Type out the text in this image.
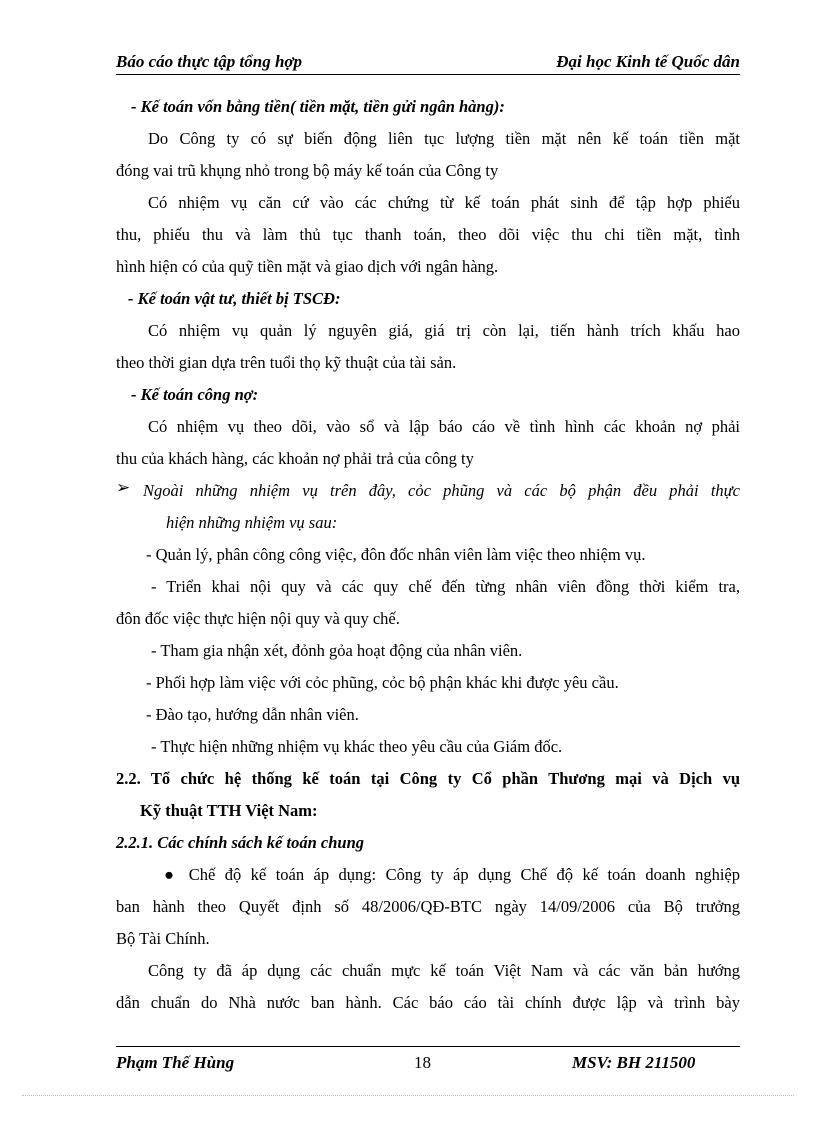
Báo cáo thực tập tổng hợp	Đại học Kinh tế Quốc dân
- Kế toán vốn bằng tiền( tiền mặt, tiền gửi ngân hàng):
Do Công ty có sự biến động liên tục lượng tiền mặt nên kế toán tiền mặt
đóng vai trũ khụng nhỏ trong bộ máy kế toán của Công ty
Có nhiệm vụ căn cứ vào các chứng từ kế toán phát sinh để tập hợp phiếu
thu, phiếu thu và làm thủ tục thanh toán, theo dõi việc thu chi tiền mặt, tình
hình hiện có của quỹ tiền mặt và giao dịch với ngân hàng.
- Kế toán vật tư, thiết bị TSCĐ:
Có nhiệm vụ quản lý nguyên giá, giá trị còn lại, tiến hành trích khấu hao
theo thời gian dựa trên tuổi thọ kỹ thuật của tài sản.
- Kế toán công nợ:
Có nhiệm vụ theo dõi, vào sổ và lập báo cáo về tình hình các khoản nợ phải
thu của khách hàng, các khoản nợ phải trả của công ty
➢ Ngoài những nhiệm vụ trên đây, cỏc phũng và các bộ phận đều phải thực
hiện những nhiệm vụ sau:
- Quản lý, phân công công việc, đôn đốc nhân viên làm việc theo nhiệm vụ.
- Triển khai nội quy và các quy chế đến từng nhân viên đồng thời kiểm tra,
đôn đốc việc thực hiện nội quy và quy chế.
- Tham gia nhận xét, đỏnh gỏa hoạt động của nhân viên.
- Phối hợp làm việc với cỏc phũng, cỏc bộ phận khác khi được yêu cầu.
- Đào tạo, hướng dẫn nhân viên.
- Thực hiện những nhiệm vụ khác theo yêu cầu của Giám đốc.
2.2. Tổ chức hệ thống kế toán tại Công ty Cổ phần Thương mại và Dịch vụ
Kỹ thuật TTH Việt Nam:
2.2.1. Các chính sách kế toán chung
● Chế độ kế toán áp dụng: Công ty áp dụng Chế độ kế toán doanh nghiệp
ban hành theo Quyết định số 48/2006/QĐ-BTC ngày 14/09/2006 của Bộ trưởng
Bộ Tài Chính.
Công ty đã áp dụng các chuẩn mực kế toán Việt Nam và các văn bản hướng
dẫn chuẩn do Nhà nước ban hành. Các báo cáo tài chính được lập và trình bày
Phạm Thế Hùng	18	MSV: BH 211500
